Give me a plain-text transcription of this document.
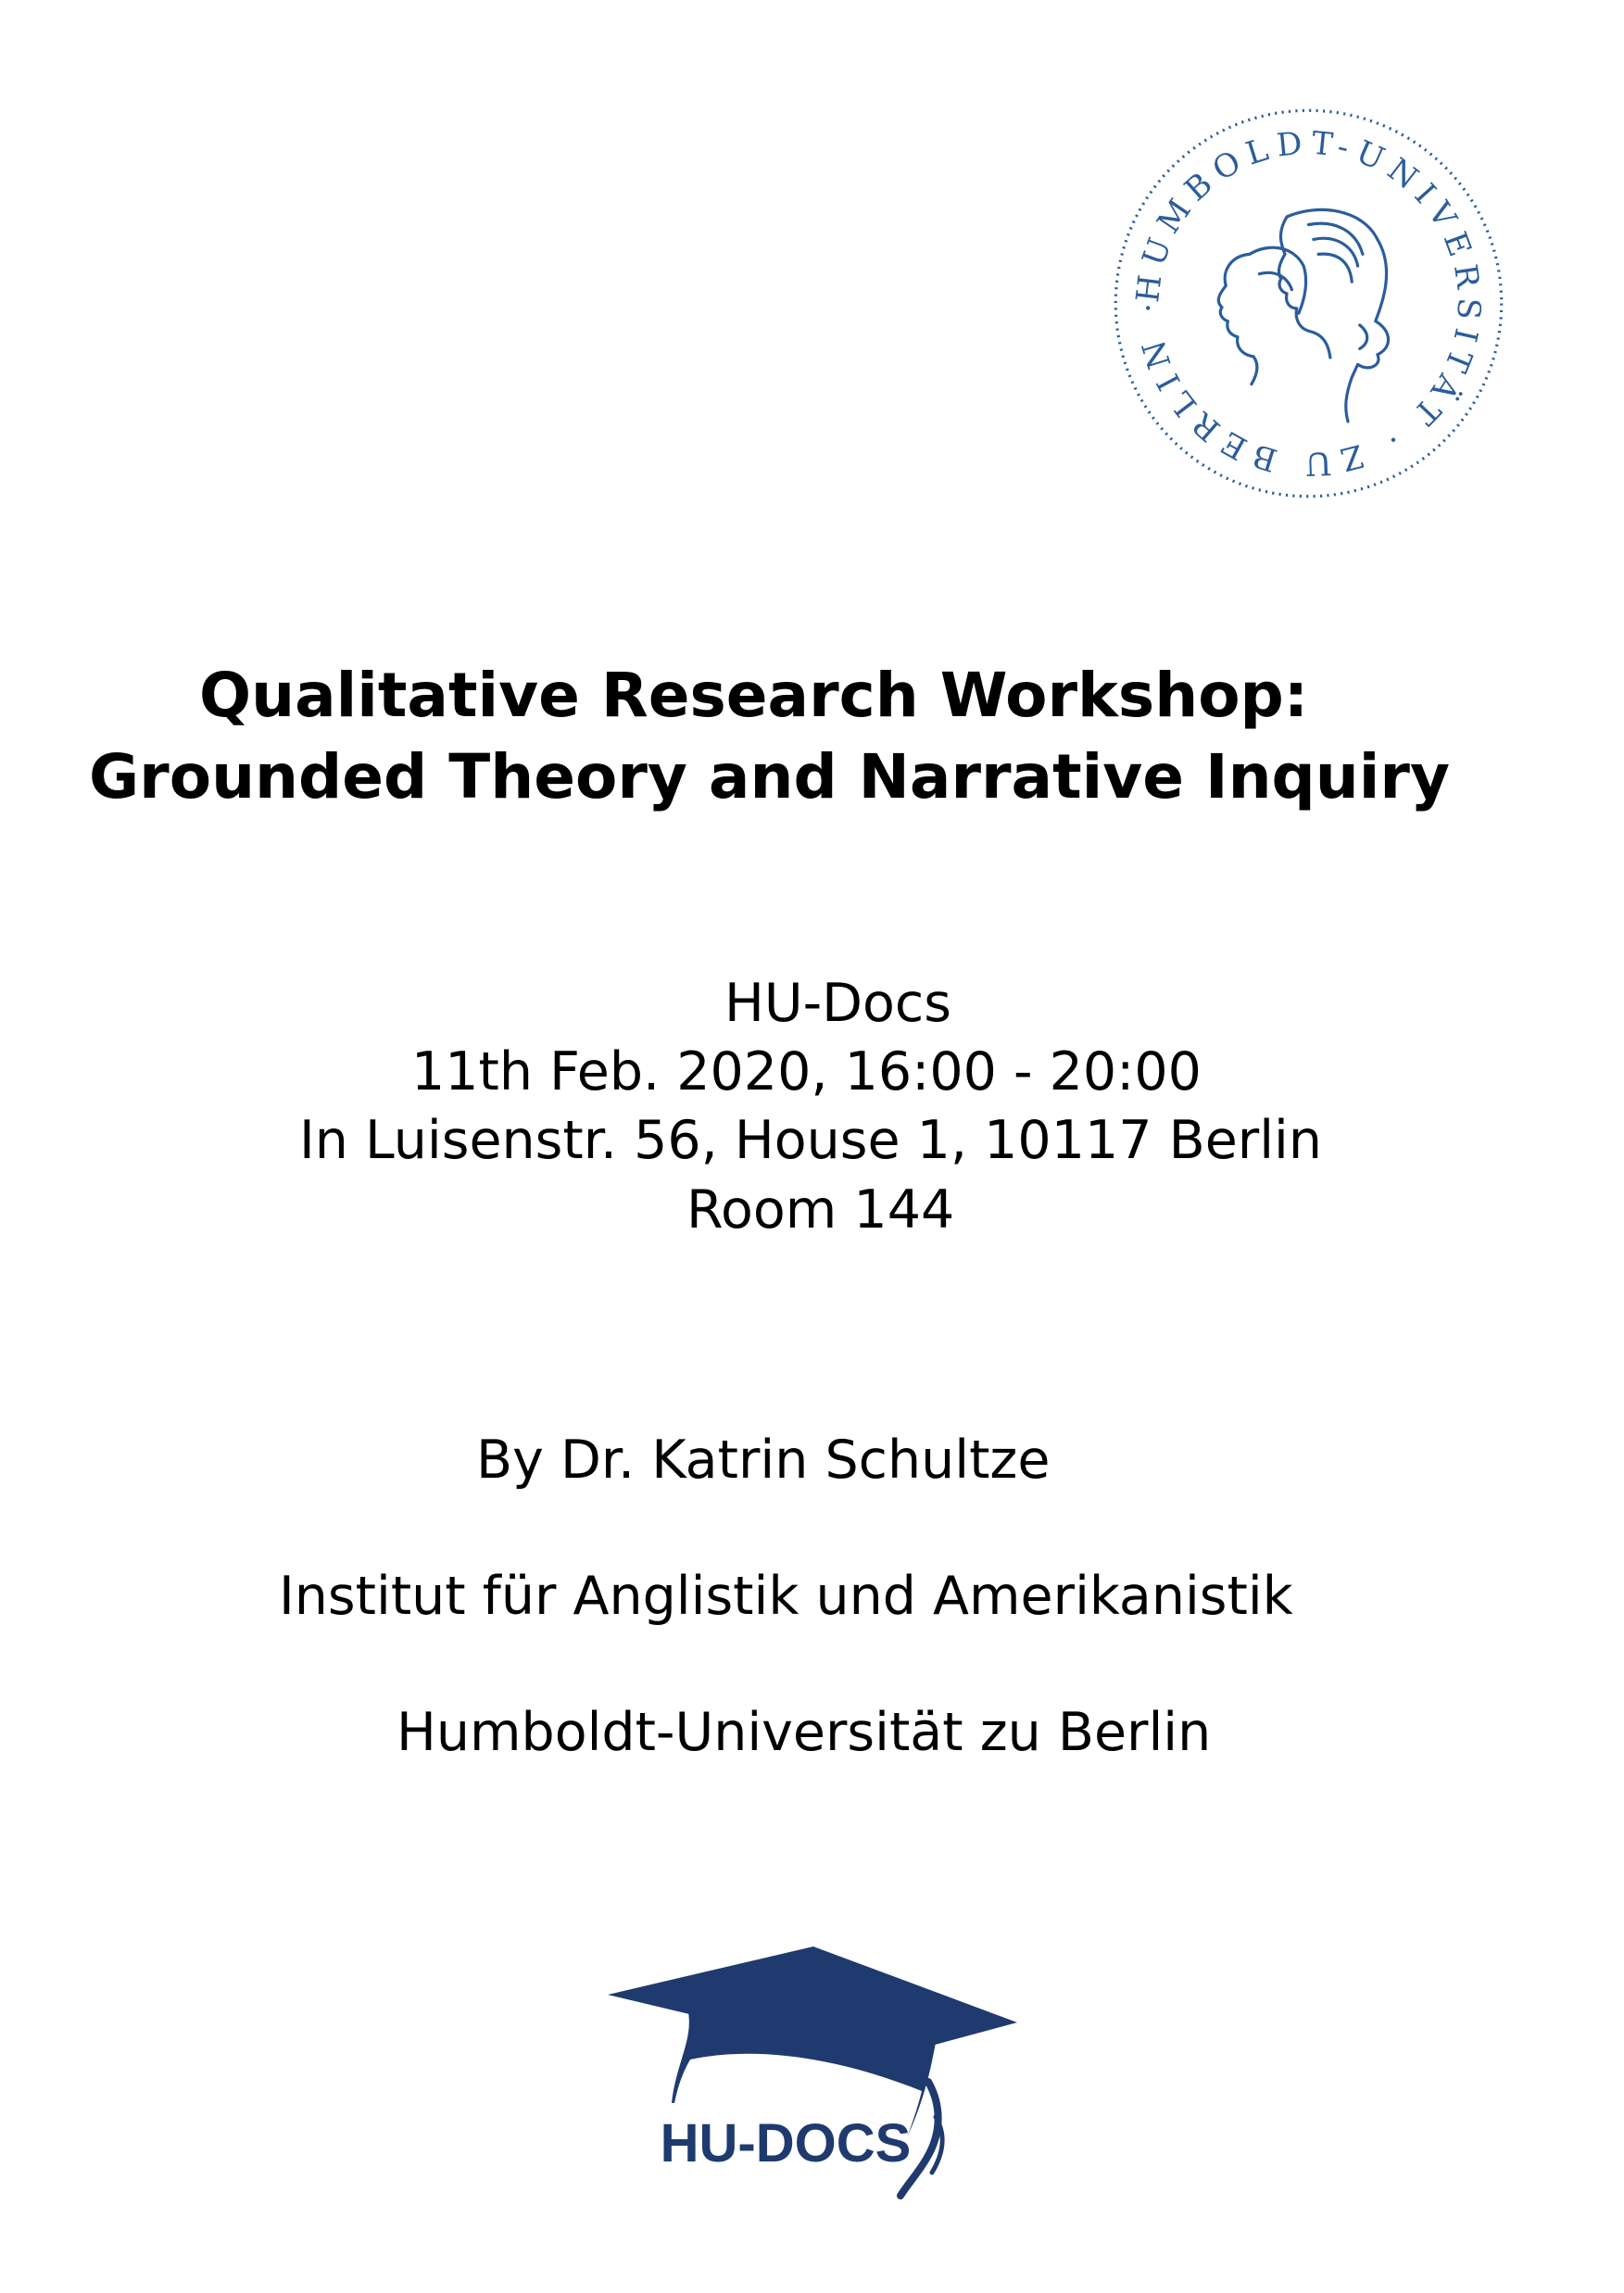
HUMBOLDT-UNIVERSITÄT · ZU BERLIN ·
Qualitative Research Workshop:
Grounded Theory and Narrative Inquiry
HU-Docs
11th Feb. 2020, 16:00 - 20:00
In Luisenstr. 56, House 1, 10117 Berlin
Room 144
By Dr. Katrin Schultze
Institut für Anglistik und Amerikanistik
Humboldt-Universität zu Berlin
HU-DOCS
